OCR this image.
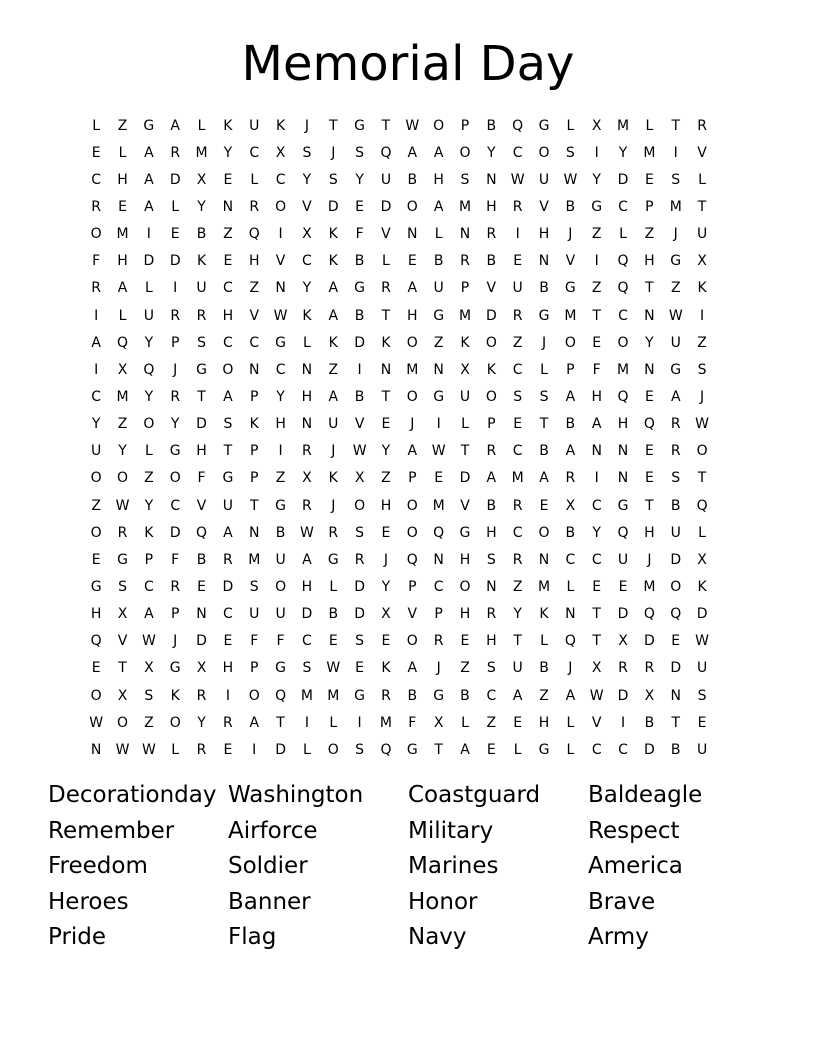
Memorial Day
L	Z	G	A	L	K	U	K	J	T	G	T	W O	P	B	Q	G	L	X	M	L	T	R
E	L	A	R	M	Y	C	X	S	J	S	Q	A	A	O	Y	C	O	S	I	Y	M	I	V
C	H	A	D	X	E	L	C	Y	S	Y	U	B	H	S	N	W	U	W	Y	D	E	S	L
R	E	A	L	Y	N	R	O	V	D	E	D	O	A	M	H	R	V	B	G	C	P	M	T
O	M	I	E	B	Z	Q	I	X	K	F	V	N	L	N	R	I	H	J	Z	L	Z	J	U
F	H	D	D	K	E	H	V	C	K	B	L	E	B	R	B	E	N	V	I	Q	H	G	X
R	A	L	I	U	C	Z	N	Y	A	G	R	A	U	P	V	U	B	G	Z	Q	T	Z	K
I	L	U	R	R	H	V	W	K	A	B	T	H	G	M	D	R	G	M	T	C	N	W	I
A	Q	Y	P	S	C	C	G	L	K	D	K	O	Z	K	O	Z	J	O	E	O	Y	U	Z
I	X	Q	J	G	O	N	C	N	Z	I	N	M	N	X	K	C	L	P	F	M	N	G	S
C	M	Y	R	T	A	P	Y	H	A	B	T	O	G	U	O	S	S	A	H	Q	E	A	J
Y	Z	O	Y	D	S	K	H	N	U	V	E	J	I	L	P	E	T	B	A	H	Q	R	W
U	Y	L	G	H	T	P	I	R	J	W	Y	A	W	T	R	C	B	A	N	N	E	R	O
O	O	Z	O	F	G	P	Z	X	K	X	Z	P	E	D	A	M	A	R	I	N	E	S	T
Z	W	Y	C	V	U	T	G	R	J	O	H	O	M	V	B	R	E	X	C	G	T	B	Q
O	R	K	D	Q	A	N	B	W	R	S	E	O	Q	G	H	C	O	B	Y	Q	H	U	L
E	G	P	F	B	R	M	U	A	G	R	J	Q	N	H	S	R	N	C	C	U	J	D	X
G	S	C	R	E	D	S	O	H	L	D	Y	P	C	O	N	Z	M	L	E	E	M	O	K
H	X	A	P	N	C	U	U	D	B	D	X	V	P	H	R	Y	K	N	T	D	Q	Q	D
Q	V	W	J	D	E	F	F	C	E	S	E	O	R	E	H	T	L	Q	T	X	D	E	W
E	T	X	G	X	H	P	G	S	W	E	K	A	J	Z	S	U	B	J	X	R	R	D	U
O	X	S	K	R	I	O	Q	M	M	G	R	B	G	B	C	A	Z	A	W	D	X	N	S
W O	Z	O	Y	R	A	T	I	L	I	M	F	X	L	Z	E	H	L	V	I	B	T	E
N	W W	L	R	E	I	D	L	O	S	Q	G	T	A	E	L	G	L	C	C	D	B	U
Decorationday Washington	Coastguard	Baldeagle
Remember	Airforce	Military	Respect
Freedom	Soldier	Marines	America
Heroes	Banner	Honor	Brave
Pride	Flag	Navy	Army
